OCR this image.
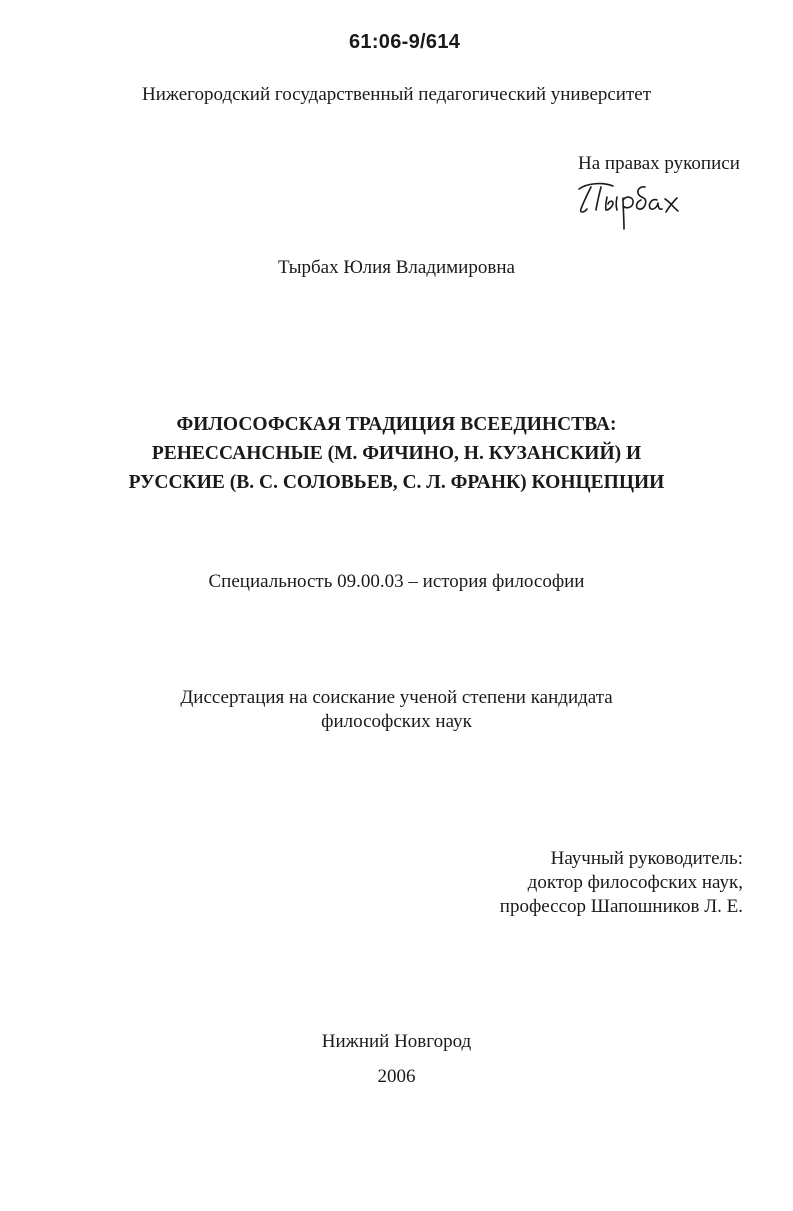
61:06-9/614
Нижегородский государственный педагогический университет
На правах рукописи
Тырбах Юлия Владимировна
ФИЛОСОФСКАЯ ТРАДИЦИЯ ВСЕЕДИНСТВА:
РЕНЕССАНСНЫЕ (М. ФИЧИНО, Н. КУЗАНСКИЙ) И
РУССКИЕ (В. С. СОЛОВЬЕВ, С. Л. ФРАНК) КОНЦЕПЦИИ
Специальность 09.00.03 – история философии
Диссертация на соискание ученой степени кандидата
философских наук
Научный руководитель:
доктор философских наук,
профессор Шапошников Л. Е.
Нижний Новгород
2006
